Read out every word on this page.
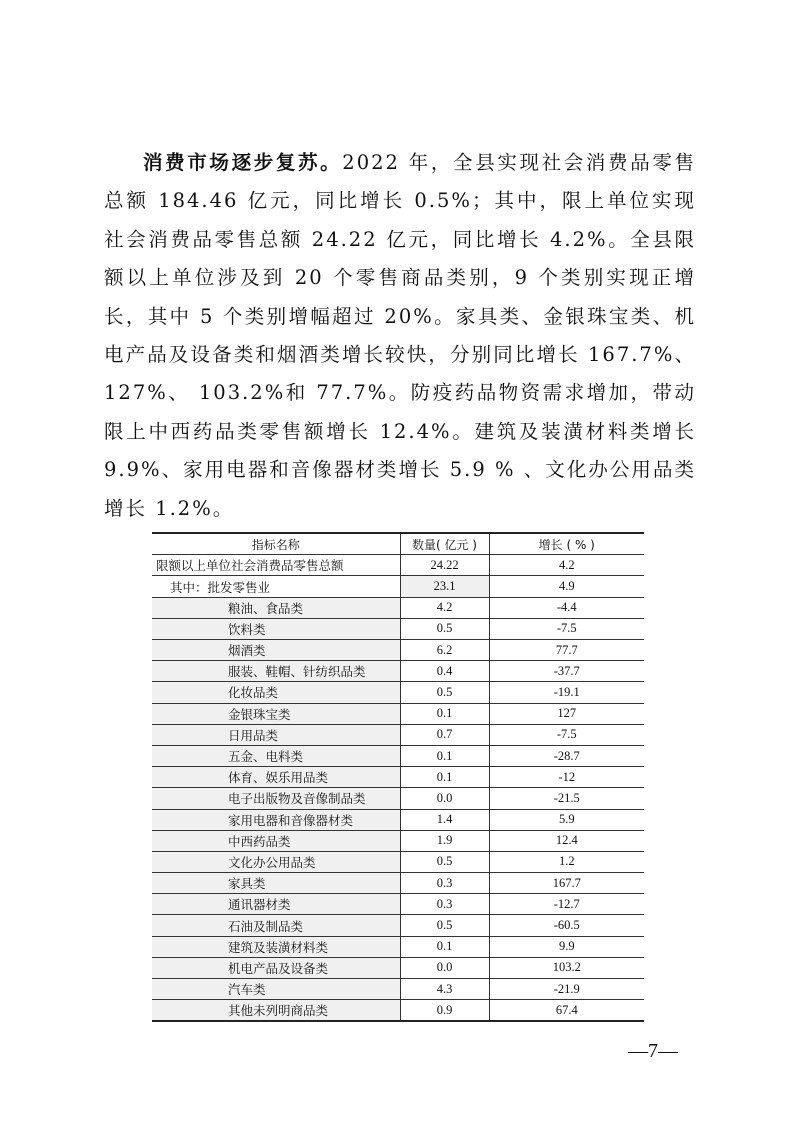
消费市场逐步复苏。2022 年，全县实现社会消费品零售总额 184.46 亿元，同比增长 0.5%；其中，限上单位实现社会消费品零售总额 24.22 亿元，同比增长 4.2%。全县限额以上单位涉及到 20 个零售商品类别，9 个类别实现正增长，其中 5 个类别增幅超过 20%。家具类、金银珠宝类、机电产品及设备类和烟酒类增长较快，分别同比增长 167.7%、127%、 103.2%和 77.7%。防疫药品物资需求增加，带动限上中西药品类零售额增长 12.4%。建筑及装潢材料类增长 9.9%、家用电器和音像器材类增长 5.9 % 、文化办公用品类增长 1.2%。

指标名称	数量( 亿元 )	增长 ( % )
限额以上单位社会消费品零售总额	24.22	4.2
其中：批发零售业	23.1	4.9
粮油、食品类	4.2	-4.4
饮料类	0.5	-7.5
烟酒类	6.2	77.7
服装、鞋帽、针纺织品类	0.4	-37.7
化妆品类	0.5	-19.1
金银珠宝类	0.1	127
日用品类	0.7	-7.5
五金、电料类	0.1	-28.7
体育、娱乐用品类	0.1	-12
电子出版物及音像制品类	0.0	-21.5
家用电器和音像器材类	1.4	5.9
中西药品类	1.9	12.4
文化办公用品类	0.5	1.2
家具类	0.3	167.7
通讯器材类	0.3	-12.7
石油及制品类	0.5	-60.5
建筑及装潢材料类	0.1	9.9
机电产品及设备类	0.0	103.2
汽车类	4.3	-21.9
其他未列明商品类	0.9	67.4
—7—
